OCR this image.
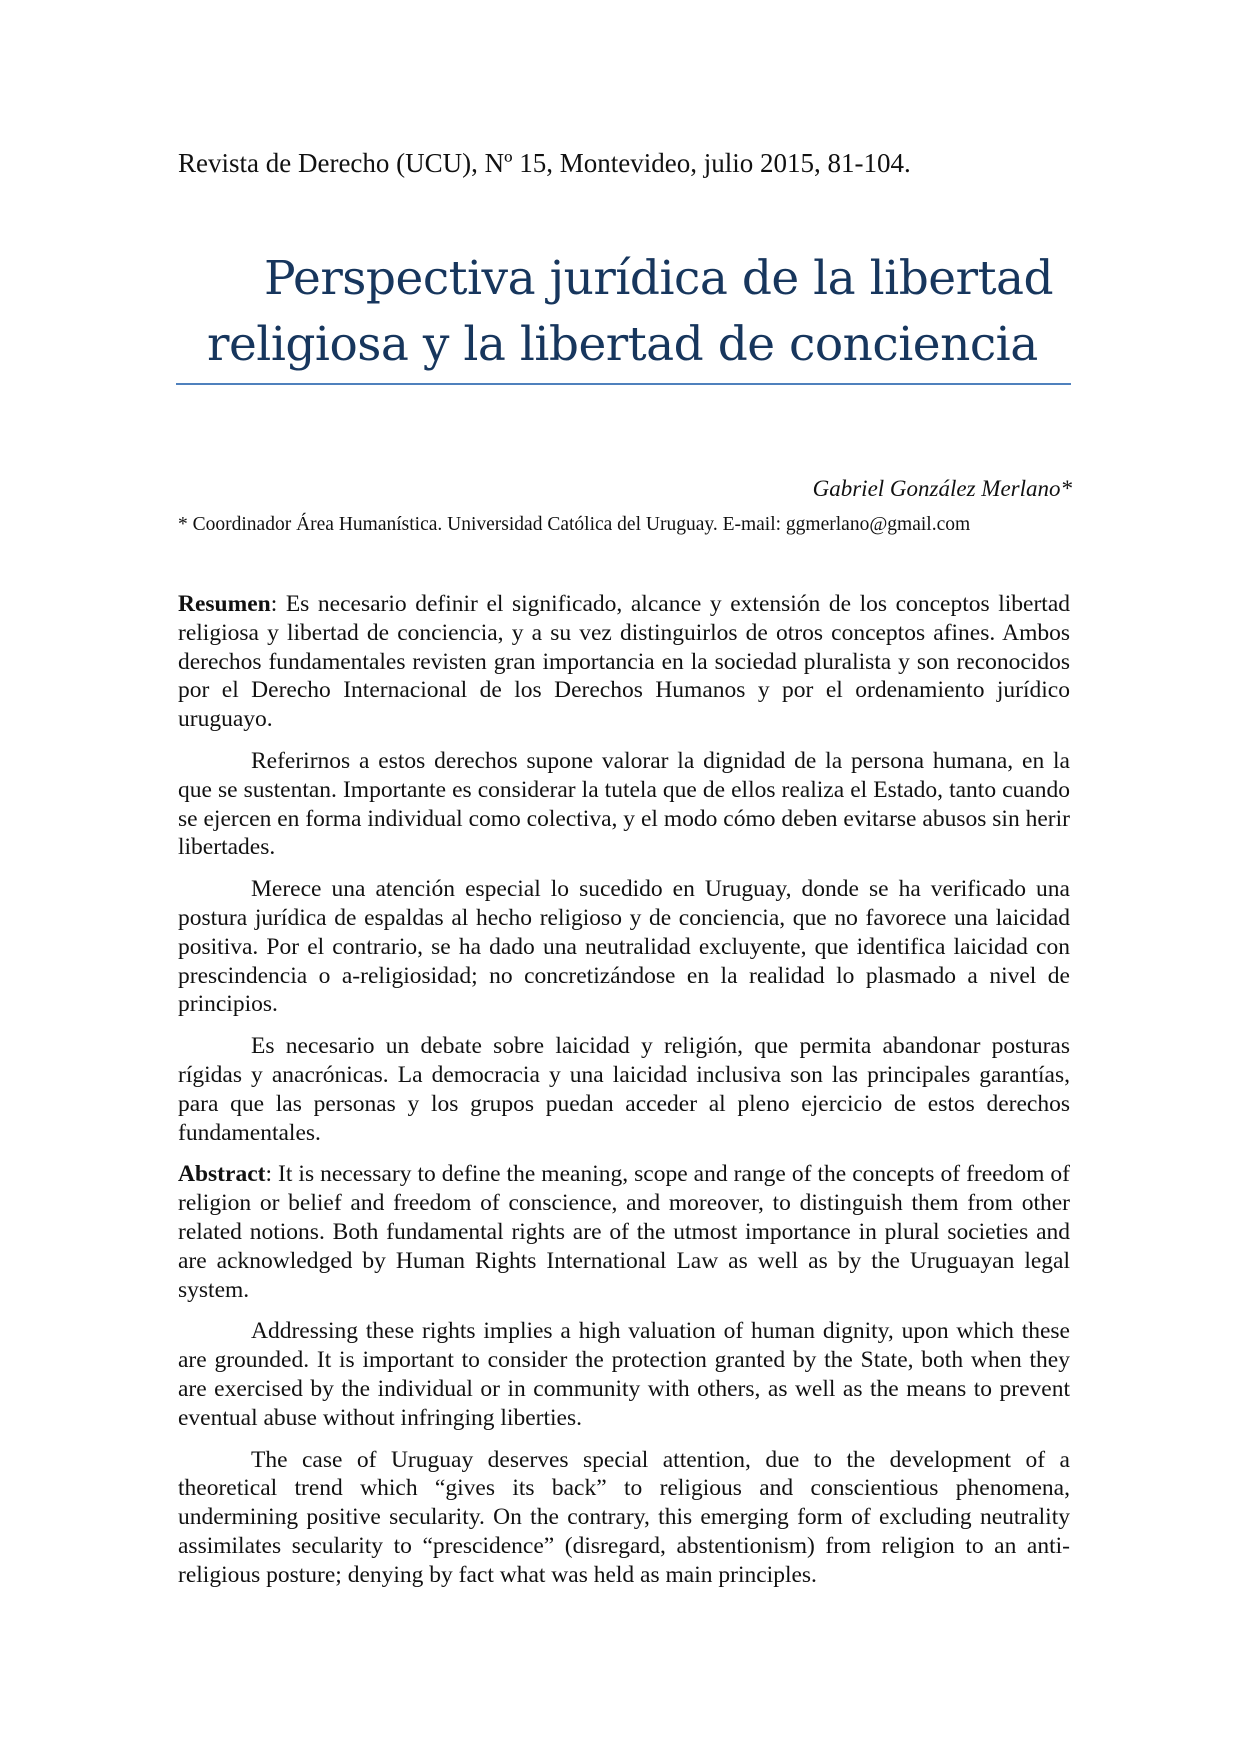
Revista de Derecho (UCU), Nº 15, Montevideo, julio 2015, 81-104.
Perspectiva jurídica de la libertad
religiosa y la libertad de conciencia
Gabriel González Merlano*
* Coordinador Área Humanística. Universidad Católica del Uruguay. E-mail: ggmerlano@gmail.com

Resumen: Es necesario definir el significado, alcance y extensión de los conceptos libertad religiosa y libertad de conciencia, y a su vez distinguirlos de otros conceptos afines. Ambos derechos fundamentales revisten gran importancia en la sociedad pluralista y son reconocidos por el Derecho Internacional de los Derechos Humanos y por el ordenamiento jurídico uruguayo.

Referirnos a estos derechos supone valorar la dignidad de la persona humana, en la que se sustentan. Importante es considerar la tutela que de ellos realiza el Estado, tanto cuando se ejercen en forma individual como colectiva, y el modo cómo deben evitarse abusos sin herir libertades.

Merece una atención especial lo sucedido en Uruguay, donde se ha verificado una postura jurídica de espaldas al hecho religioso y de conciencia, que no favorece una laicidad positiva. Por el contrario, se ha dado una neutralidad excluyente, que identifica laicidad con prescindencia o a-religiosidad; no concretizándose en la realidad lo plasmado a nivel de principios.

Es necesario un debate sobre laicidad y religión, que permita abandonar posturas rígidas y anacrónicas. La democracia y una laicidad inclusiva son las principales garantías, para que las personas y los grupos puedan acceder al pleno ejercicio de estos derechos fundamentales.

Abstract: It is necessary to define the meaning, scope and range of the concepts of freedom of religion or belief and freedom of conscience, and moreover, to distinguish them from other related notions. Both fundamental rights are of the utmost importance in plural societies and are acknowledged by Human Rights International Law as well as by the Uruguayan legal system.

Addressing these rights implies a high valuation of human dignity, upon which these are grounded. It is important to consider the protection granted by the State, both when they are exercised by the individual or in community with others, as well as the means to prevent eventual abuse without infringing liberties.

The case of Uruguay deserves special attention, due to the development of a theoretical trend which “gives its back” to religious and conscientious phenomena, undermining positive secularity. On the contrary, this emerging form of excluding neutrality assimilates secularity to “prescidence” (disregard, abstentionism) from religion to an anti-religious posture; denying by fact what was held as main principles.
